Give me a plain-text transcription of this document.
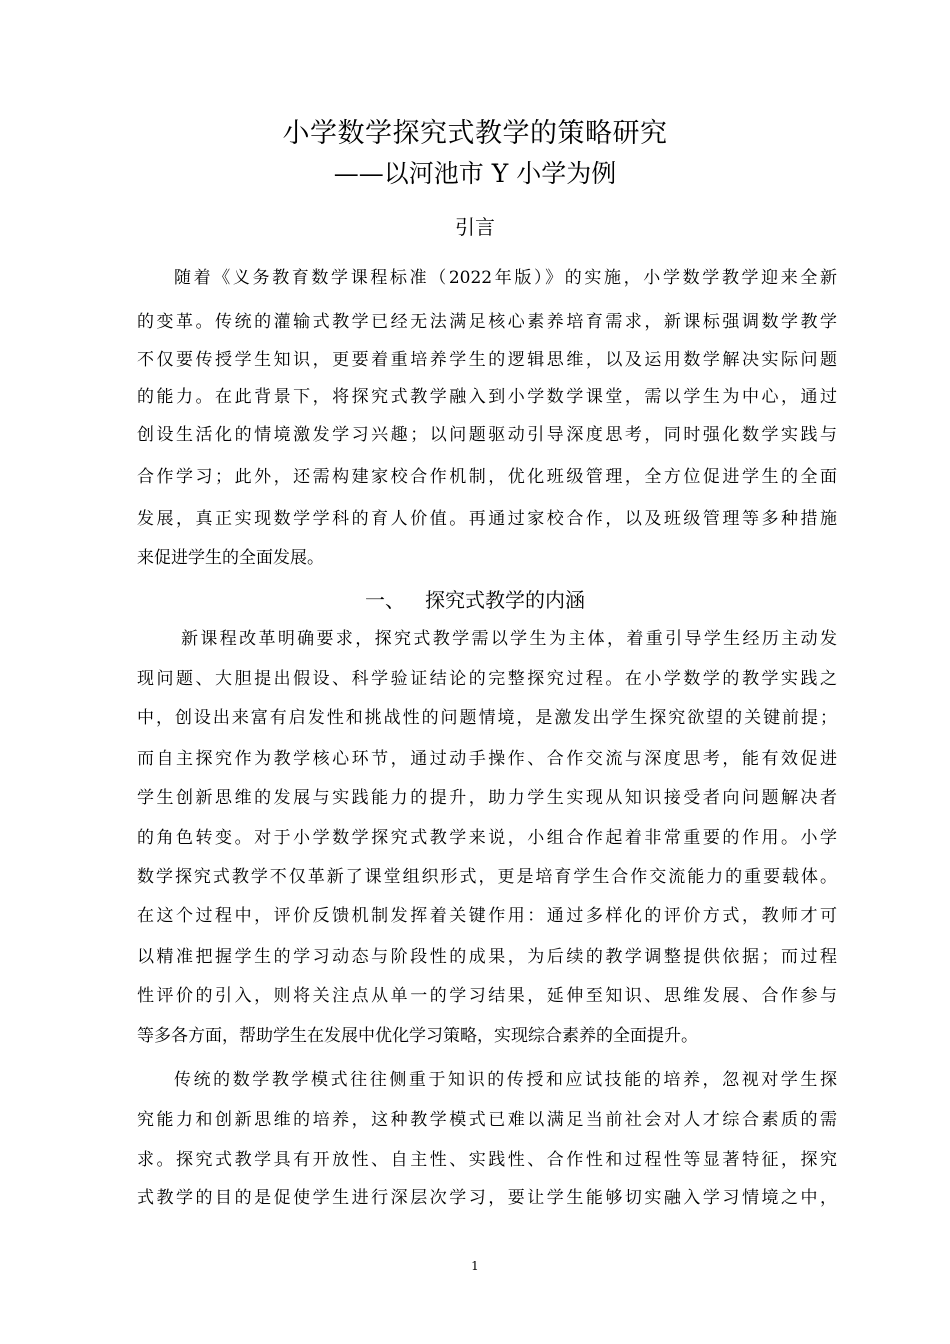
小学数学探究式教学的策略研究
——以河池市 Y 小学为例
引言
随着《义务教育数学课程标准（2022年版）》的实施，小学数学教学迎来全新
的变革。传统的灌输式教学已经无法满足核心素养培育需求，新课标强调数学教学
不仅要传授学生知识，更要着重培养学生的逻辑思维，以及运用数学解决实际问题
的能力。在此背景下，将探究式教学融入到小学数学课堂，需以学生为中心，通过
创设生活化的情境激发学习兴趣；以问题驱动引导深度思考，同时强化数学实践与
合作学习；此外，还需构建家校合作机制，优化班级管理，全方位促进学生的全面
发展，真正实现数学学科的育人价值。再通过家校合作，以及班级管理等多种措施
来促进学生的全面发展。
一、 探究式教学的内涵
新课程改革明确要求，探究式教学需以学生为主体，着重引导学生经历主动发
现问题、大胆提出假设、科学验证结论的完整探究过程。在小学数学的教学实践之
中，创设出来富有启发性和挑战性的问题情境，是激发出学生探究欲望的关键前提；
而自主探究作为教学核心环节，通过动手操作、合作交流与深度思考，能有效促进
学生创新思维的发展与实践能力的提升，助力学生实现从知识接受者向问题解决者
的角色转变。对于小学数学探究式教学来说，小组合作起着非常重要的作用。小学
数学探究式教学不仅革新了课堂组织形式，更是培育学生合作交流能力的重要载体。
在这个过程中，评价反馈机制发挥着关键作用：通过多样化的评价方式，教师才可
以精准把握学生的学习动态与阶段性的成果，为后续的教学调整提供依据；而过程
性评价的引入，则将关注点从单一的学习结果，延伸至知识、思维发展、合作参与
等多各方面，帮助学生在发展中优化学习策略，实现综合素养的全面提升。
传统的数学教学模式往往侧重于知识的传授和应试技能的培养，忽视对学生探
究能力和创新思维的培养，这种教学模式已难以满足当前社会对人才综合素质的需
求。探究式教学具有开放性、自主性、实践性、合作性和过程性等显著特征，探究
式教学的目的是促使学生进行深层次学习，要让学生能够切实融入学习情境之中，
1
